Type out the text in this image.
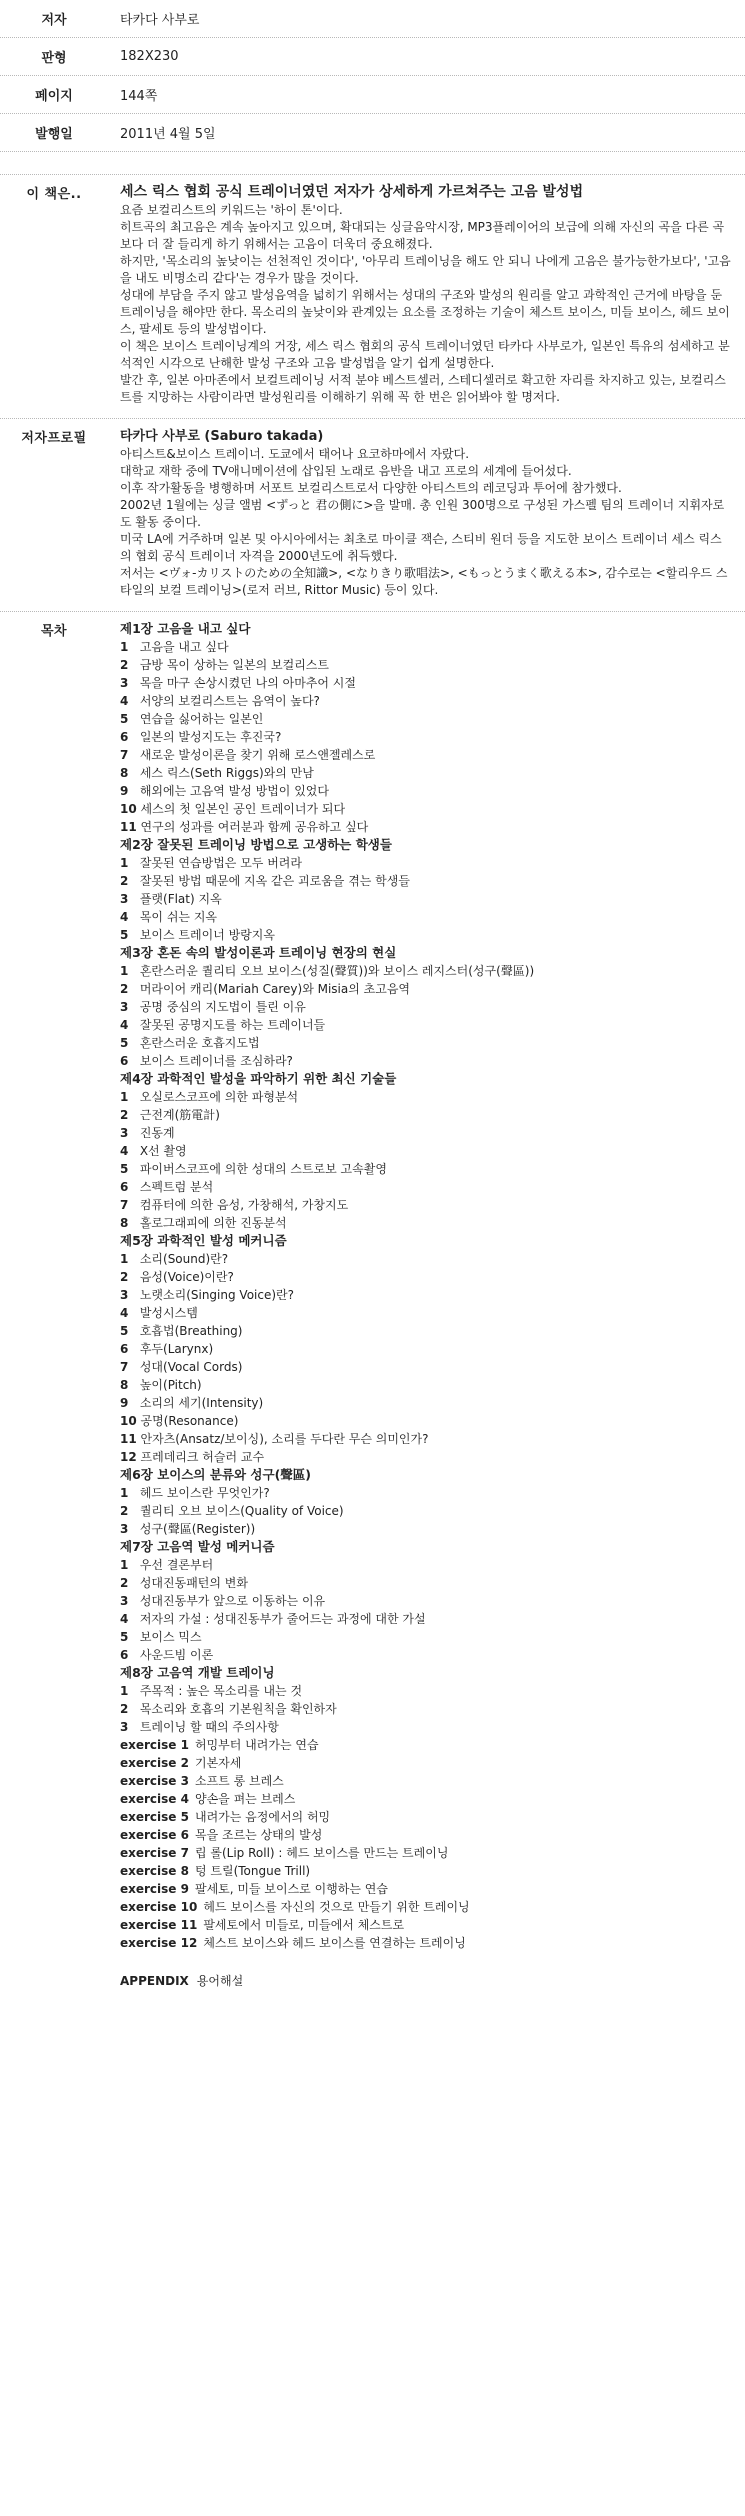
저자	타카다 사부로
판형	182X230
페이지	144쪽
발행일	2011년 4월 5일
이 책은..	세스 릭스 협회 공식 트레이너였던 저자가 상세하게 가르쳐주는 고음 발성법

요즘 보컬리스트의 키워드는 '하이 톤'이다.

히트곡의 최고음은 계속 높아지고 있으며, 확대되는 싱글음악시장, MP3플레이어의 보급에 의해 자신의 곡을 다른 곡보다 더 잘 들리게 하기 위해서는 고음이 더욱더 중요해졌다.

하지만, '목소리의 높낮이는 선천적인 것이다', '아무리 트레이닝을 해도 안 되니 나에게 고음은 불가능한가보다', '고음을 내도 비명소리 같다'는 경우가 많을 것이다.

성대에 부담을 주지 않고 발성음역을 넓히기 위해서는 성대의 구조와 발성의 원리를 알고 과학적인 근거에 바탕을 둔 트레이닝을 해야만 한다. 목소리의 높낮이와 관계있는 요소를 조정하는 기술이 체스트 보이스, 미들 보이스, 헤드 보이스, 팔세토 등의 발성법이다.

이 책은 보이스 트레이닝계의 거장, 세스 릭스 협회의 공식 트레이너였던 타카다 사부로가, 일본인 특유의 섬세하고 분석적인 시각으로 난해한 발성 구조와 고음 발성법을 알기 쉽게 설명한다.

발간 후, 일본 아마존에서 보컬트레이닝 서적 분야 베스트셀러, 스테디셀러로 확고한 자리를 차지하고 있는, 보컬리스트를 지망하는 사람이라면 발성원리를 이해하기 위해 꼭 한 번은 읽어봐야 할 명저다.

저자프로필	타카다 사부로 (Saburo takada)

아티스트&보이스 트레이너. 도쿄에서 태어나 요코하마에서 자랐다.

대학교 재학 중에 TV애니메이션에 삽입된 노래로 음반을 내고 프로의 세계에 들어섰다.

이후 작가활동을 병행하며 서포트 보컬리스트로서 다양한 아티스트의 레코딩과 투어에 참가했다.

2002년 1월에는 싱글 앨범 <ずっと 君の側に>을 발매. 총 인원 300명으로 구성된 가스펠 팀의 트레이너 지휘자로도 활동 중이다.

미국 LA에 거주하며 일본 및 아시아에서는 최초로 마이클 잭슨, 스티비 원더 등을 지도한 보이스 트레이너 세스 릭스의 협회 공식 트레이너 자격을 2000년도에 취득했다.

저서는 <ヴォ-カリストのための全知識>, <なりきり歌唱法>, <もっとうまく歌える本>, 감수로는 <할리우드 스타일의 보컬 트레이닝>(로저 러브, Rittor Music) 등이 있다.

목차	제1장 고음을 내고 싶다
1 고음을 내고 싶다
2 금방 목이 상하는 일본의 보컬리스트
3 목을 마구 손상시켰던 나의 아마추어 시절
4 서양의 보컬리스트는 음역이 높다?
5 연습을 싫어하는 일본인
6 일본의 발성지도는 후진국?
7 새로운 발성이론을 찾기 위해 로스앤젤레스로
8 세스 릭스(Seth Riggs)와의 만남
9 해외에는 고음역 발성 방법이 있었다
10 세스의 첫 일본인 공인 트레이너가 되다
11 연구의 성과를 여러분과 함께 공유하고 싶다
제2장 잘못된 트레이닝 방법으로 고생하는 학생들
1 잘못된 연습방법은 모두 버려라
2 잘못된 방법 때문에 지옥 같은 괴로움을 겪는 학생들
3 플랫(Flat) 지옥
4 목이 쉬는 지옥
5 보이스 트레이너 방랑지옥
제3장 혼돈 속의 발성이론과 트레이닝 현장의 현실
1 혼란스러운 퀄리티 오브 보이스(성질(聲質))와 보이스 레지스터(성구(聲區))
2 머라이어 캐리(Mariah Carey)와 Misia의 초고음역
3 공명 중심의 지도법이 틀린 이유
4 잘못된 공명지도를 하는 트레이너들
5 혼란스러운 호흡지도법
6 보이스 트레이너를 조심하라?
제4장 과학적인 발성을 파악하기 위한 최신 기술들
1 오실로스코프에 의한 파형분석
2 근전계(筋電計)
3 진동계
4 X선 촬영
5 파이버스코프에 의한 성대의 스트로보 고속촬영
6 스펙트럼 분석
7 컴퓨터에 의한 음성, 가창해석, 가창지도
8 홀로그래피에 의한 진동분석
제5장 과학적인 발성 메커니즘
1 소리(Sound)란?
2 음성(Voice)이란?
3 노랫소리(Singing Voice)란?
4 발성시스템
5 호흡법(Breathing)
6 후두(Larynx)
7 성대(Vocal Cords)
8 높이(Pitch)
9 소리의 세기(Intensity)
10 공명(Resonance)
11 안자츠(Ansatz/보이싱), 소리를 두다란 무슨 의미인가?
12 프레데리크 허슬러 교수
제6장 보이스의 분류와 성구(聲區)
1 헤드 보이스란 무엇인가?
2 퀄리티 오브 보이스(Quality of Voice)
3 성구(聲區(Register))
제7장 고음역 발성 메커니즘
1 우선 결론부터
2 성대진동패턴의 변화
3 성대진동부가 앞으로 이동하는 이유
4 저자의 가설 : 성대진동부가 줄어드는 과정에 대한 가설
5 보이스 믹스
6 사운드빔 이론
제8장 고음역 개발 트레이닝
1 주목적 : 높은 목소리를 내는 것
2 목소리와 호흡의 기본원칙을 확인하자
3 트레이닝 할 때의 주의사항
exercise 1 허밍부터 내려가는 연습
exercise 2 기본자세
exercise 3 소프트 롱 브레스
exercise 4 양손을 펴는 브레스
exercise 5 내려가는 음정에서의 허밍
exercise 6 목을 조르는 상태의 발성
exercise 7 립 롤(Lip Roll) : 헤드 보이스를 만드는 트레이닝
exercise 8 텅 트릴(Tongue Trill)
exercise 9 팔세토, 미들 보이스로 이행하는 연습
exercise 10 헤드 보이스를 자신의 것으로 만들기 위한 트레이닝
exercise 11 팔세토에서 미들로, 미들에서 체스트로
exercise 12 체스트 보이스와 헤드 보이스를 연결하는 트레이닝
APPENDIX 용어해설
